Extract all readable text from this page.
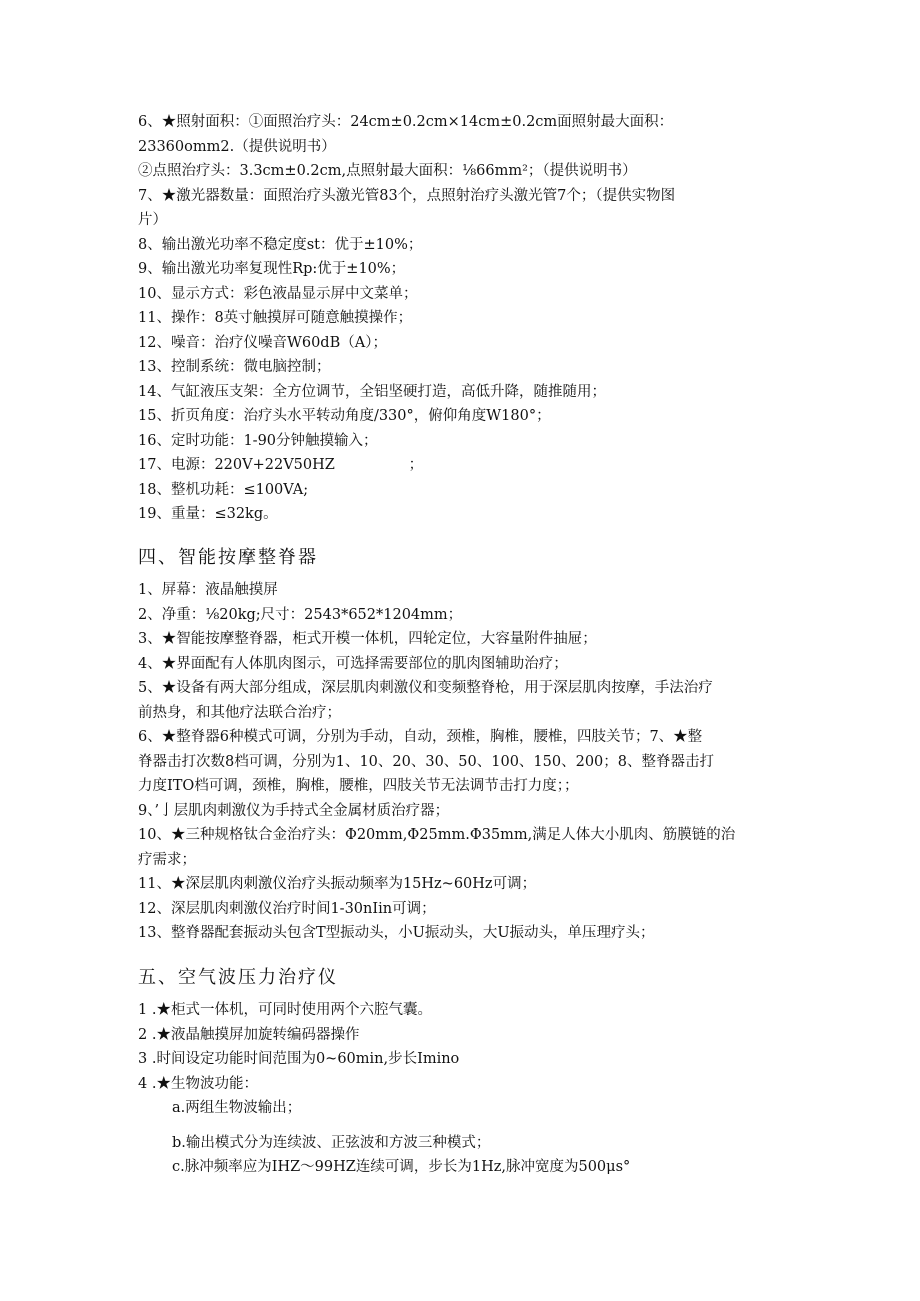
6、★照射面积：①面照治疗头：24cm±0.2cm×14cm±0.2cm面照射最大面积：
23360omm2.（提供说明书）
②点照治疗头：3.3cm±0.2cm,点照射最大面积：⅛66mm²；（提供说明书）
7、★激光器数量：面照治疗头激光管83个，点照射治疗头激光管7个；（提供实物图
片）
8、输出激光功率不稳定度st：优于±10%；
9、输出激光功率复现性Rp:优于±10%；
10、显示方式：彩色液晶显示屏中文菜单；
11、操作：8英寸触摸屏可随意触摸操作；
12、噪音：治疗仪噪音W60dB（A）；
13、控制系统：微电脑控制；
14、气缸液压支架：全方位调节，全铝坚硬打造，高低升降，随推随用；
15、折页角度：治疗头水平转动角度/330°，俯仰角度W180°；
16、定时功能：1-90分钟触摸输入；
17、电源：220V+22V50HZ                ；
18、整机功耗：≤100VA;
19、重量：≤32kg。
四、智能按摩整脊器
1、屏幕：液晶触摸屏
2、净重：⅛20kg;尺寸：2543*652*1204mm；
3、★智能按摩整脊器，柜式开模一体机，四轮定位，大容量附件抽屉；
4、★界面配有人体肌肉图示，可选择需要部位的肌肉图辅助治疗；
5、★设备有两大部分组成，深层肌肉刺激仪和变频整脊枪，用于深层肌肉按摩，手法治疗
前热身，和其他疗法联合治疗；
6、★整脊器6种模式可调，分别为手动，自动，颈椎，胸椎，腰椎，四肢关节；7、★整
脊器击打次数8档可调，分别为1、10、20、30、50、100、150、200；8、整脊器击打
力度ITO档可调，颈椎，胸椎，腰椎，四肢关节无法调节击打力度；；
9、’亅层肌肉刺激仪为手持式全金属材质治疗器；
10、★三种规格钛合金治疗头：Φ20mm,Φ25mm.Φ35mm,满足人体大小肌肉、筋膜链的治
疗需求；
11、★深层肌肉刺激仪治疗头振动频率为15Hz~60Hz可调；
12、深层肌肉刺激仪治疗时间1-30nIin可调；
13、整脊器配套振动头包含T型振动头，小U振动头，大U振动头，单压理疗头；
五、空气波压力治疗仪
1 .★柜式一体机，可同时使用两个六腔气囊。
2 .★液晶触摸屏加旋转编码器操作
3 .时间设定功能时间范围为0~60min,步长Imino
4 .★生物波功能：
a.两组生物波输出；
b.输出模式分为连续波、正弦波和方波三种模式；
c.脉冲频率应为IHZ～99HZ连续可调，步长为1Hz,脉冲宽度为500μs°
